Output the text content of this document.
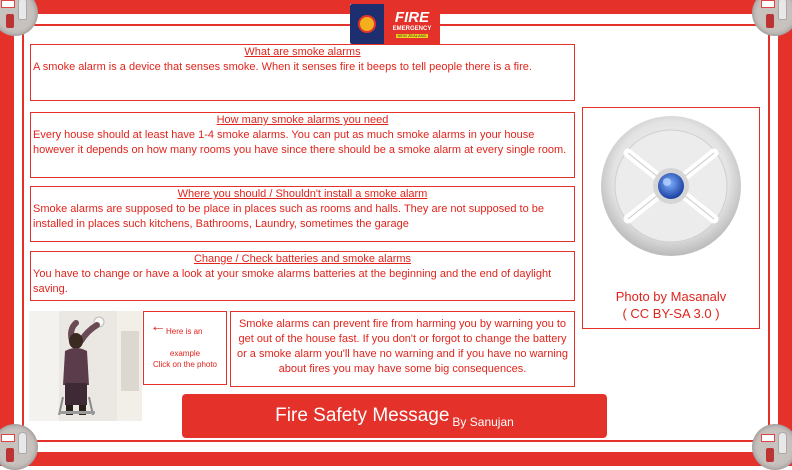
FIRE
EMERGENCY
NEW ZEALAND
What are smoke alarms
A smoke alarm is a device that senses smoke. When it senses fire it beeps to tell people there is a fire.
How many smoke alarms you need
Every house should at least have 1-4 smoke alarms. You can put as much smoke alarms in your house however it depends on how many rooms you have since there should be a smoke alarm at every single room.
Where you should / Shouldn't install a smoke alarm
Smoke alarms are supposed to be place in places such as rooms and halls. They are not supposed to be installed in places such kitchens, Bathrooms, Laundry, sometimes the garage
Change / Check batteries and smoke alarms
You have to change or have a look at your smoke alarms batteries at the beginning and the end of daylight saving.	Photo by Masanalv
( CC BY-SA 3.0 )
← Here is an
example
Click on the photo
Smoke alarms can prevent fire from harming you by warning you to get out of the house fast. If you don't or forgot to change the battery or a smoke alarm you'll have no warning and if you have no warning about fires you may have some big consequences.
Fire Safety Message By Sanujan
